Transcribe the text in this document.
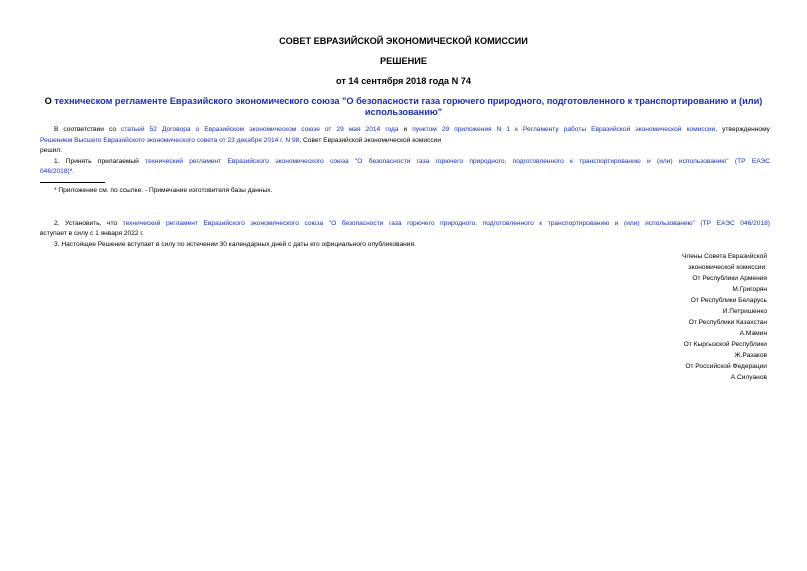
СОВЕТ ЕВРАЗИЙСКОЙ ЭКОНОМИЧЕСКОЙ КОМИССИИ
РЕШЕНИЕ
от 14 сентября 2018 года N 74
О техническом регламенте Евразийского экономического союза "О безопасности газа горючего природного, подготовленного к транспортированию и (или)
использованию"
В соответствии со статьей 52 Договора о Евразийском экономическом союзе от 29 мая 2014 года и пунктом 29 приложения N 1 к Регламенту работы Евразийской экономической комиссии, утвержденному
Решением Высшего Евразийского экономического совета от 23 декабря 2014 г. N 98, Совет Евразийской экономической комиссии
решил:
1. Принять прилагаемый технический регламент Евразийского экономического союза "О безопасности газа горючего природного, подготовленного к транспортированию и (или) использованию" (ТР ЕАЭС
046/2018)*.
* Приложение см. по ссылке. - Примечание изготовителя базы данных.
2. Установить, что технический регламент Евразийского экономического союза "О безопасности газа горючего природного, подготовленного к транспортированию и (или) использованию" (ТР ЕАЭС 046/2018)
вступает в силу с 1 января 2022 г.
3. Настоящее Решение вступает в силу по истечении 30 календарных дней с даты его официального опубликования.
Члены Совета Евразийской
экономической комиссии:
От Республики Армения
М.Григорян
От Республики Беларусь
И.Петришенко
От Республики Казахстан
А.Мамин
От Кыргызской Республики
Ж.Разаков
От Российской Федерации
А.Силуанов
